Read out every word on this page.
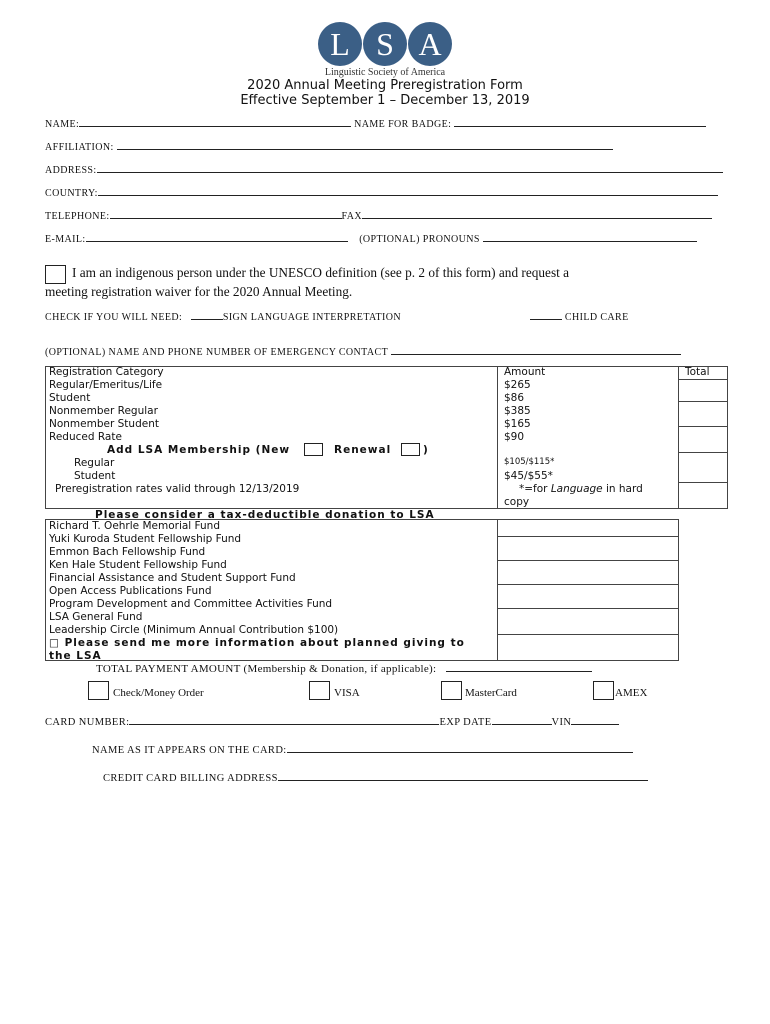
L S A
Linguistic Society of America
2020 Annual Meeting Preregistration Form
Effective September 1 – December 13, 2019
NAME:	NAME FOR BADGE:
AFFILIATION:
ADDRESS:
COUNTRY:
TELEPHONE:	FAX
E-MAIL:	(OPTIONAL) PRONOUNS
I am an indigenous person under the UNESCO definition (see p. 2 of this form) and request a
meeting registration waiver for the 2020 Annual Meeting.
CHECK IF YOU WILL NEED:	SIGN LANGUAGE INTERPRETATION	CHILD CARE
(OPTIONAL) NAME AND PHONE NUMBER OF EMERGENCY CONTACT
Registration Category	Amount	Total
Regular/Emeritus/Life	$265
Student	$86
Nonmember Regular	$385
Nonmember Student	$165
Reduced Rate	$90
Add LSA Membership (New	Renewal	)
Regular	$105/$115*
Student	$45/$55*
Preregistration rates valid through 12/13/2019	*=for Language in hard
copy
Please consider a tax-deductible donation to LSA
Richard T. Oehrle Memorial Fund
Yuki Kuroda Student Fellowship Fund
Emmon Bach Fellowship Fund
Ken Hale Student Fellowship Fund
Financial Assistance and Student Support Fund
Open Access Publications Fund
Program Development and Committee Activities Fund
LSA General Fund
Leadership Circle (Minimum Annual Contribution $100)
□ Please send me more information about planned giving to
the LSA
TOTAL PAYMENT AMOUNT (Membership & Donation, if applicable):
Check/Money Order	VISA	MasterCard	AMEX
CARD NUMBER:	EXP DATE	VIN
NAME AS IT APPEARS ON THE CARD:
CREDIT CARD BILLING ADDRESS
